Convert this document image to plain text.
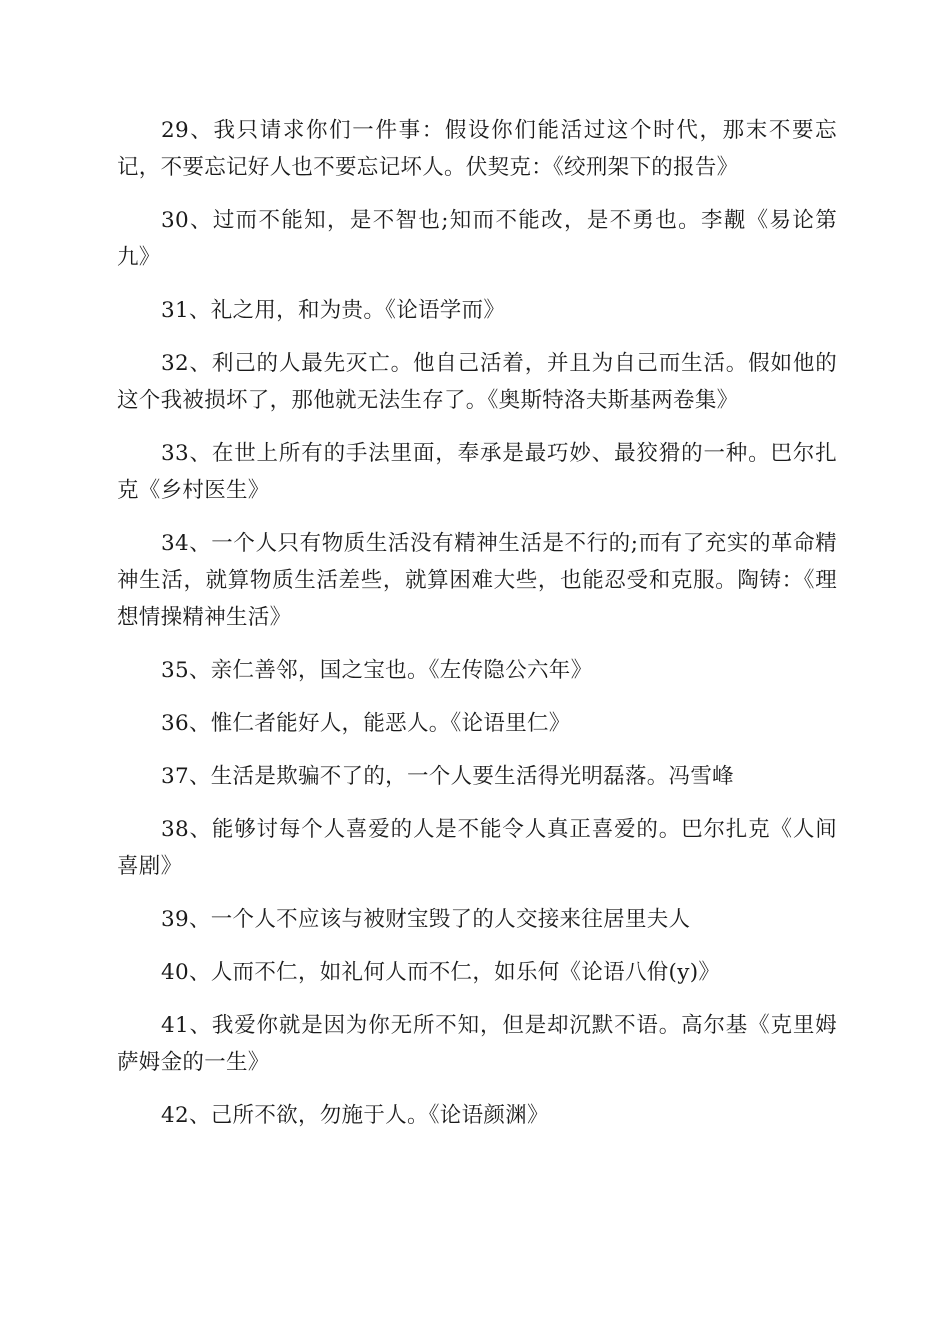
29、我只请求你们一件事：假设你们能活过这个时代，那末不要忘记，不要忘记好人也不要忘记坏人。伏契克：《绞刑架下的报告》

30、过而不能知，是不智也;知而不能改，是不勇也。李觏《易论第九》

31、礼之用，和为贵。《论语学而》

32、利己的人最先灭亡。他自己活着，并且为自己而生活。假如他的这个我被损坏了，那他就无法生存了。《奥斯特洛夫斯基两卷集》

33、在世上所有的手法里面，奉承是最巧妙、最狡猾的一种。巴尔扎克《乡村医生》

34、一个人只有物质生活没有精神生活是不行的;而有了充实的革命精神生活，就算物质生活差些，就算困难大些，也能忍受和克服。陶铸：《理想情操精神生活》

35、亲仁善邻，国之宝也。《左传隐公六年》

36、惟仁者能好人，能恶人。《论语里仁》

37、生活是欺骗不了的，一个人要生活得光明磊落。冯雪峰

38、能够讨每个人喜爱的人是不能令人真正喜爱的。巴尔扎克《人间喜剧》

39、一个人不应该与被财宝毁了的人交接来往居里夫人

40、人而不仁，如礼何人而不仁，如乐何《论语八佾(y)》

41、我爱你就是因为你无所不知，但是却沉默不语。高尔基《克里姆萨姆金的一生》

42、己所不欲，勿施于人。《论语颜渊》
